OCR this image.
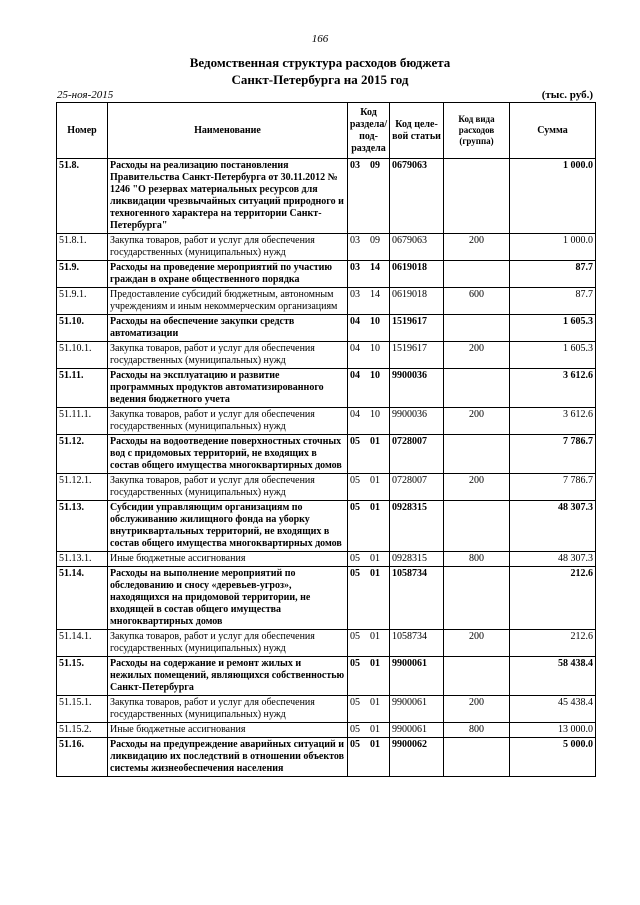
166
Ведомственная структура расходов бюджета
Санкт-Петербурга на 2015 год
25-ноя-2015	(тыс. руб.)
Номер	Наименование	Код раздела/ под- раздела	Код целе- вой статьи	Код вида расходов (группа)	Сумма
51.8.	Расходы на реализацию постановления Правительства Санкт-Петербурга от 30.11.2012 № 1246 "О резервах материальных ресурсов для ликвидации чрезвычайных ситуаций природного и техногенного характера на территории Санкт-Петербурга"	03 09	0679063		1 000.0
51.8.1.	Закупка товаров, работ и услуг для обеспечения государственных (муниципальных) нужд	03 09	0679063	200	1 000.0
51.9.	Расходы на проведение мероприятий по участию граждан в охране общественного порядка	03 14	0619018		87.7
51.9.1.	Предоставление субсидий бюджетным, автономным учреждениям и иным некоммерческим организациям	03 14	0619018	600	87.7
51.10.	Расходы на обеспечение закупки средств автоматизации	04 10	1519617		1 605.3
51.10.1.	Закупка товаров, работ и услуг для обеспечения государственных (муниципальных) нужд	04 10	1519617	200	1 605.3
51.11.	Расходы на эксплуатацию и развитие программных продуктов автоматизированного ведения бюджетного учета	04 10	9900036		3 612.6
51.11.1.	Закупка товаров, работ и услуг для обеспечения государственных (муниципальных) нужд	04 10	9900036	200	3 612.6
51.12.	Расходы на водоотведение поверхностных сточных вод с придомовых территорий, не входящих в состав общего имущества многоквартирных домов	05 01	0728007		7 786.7
51.12.1.	Закупка товаров, работ и услуг для обеспечения государственных (муниципальных) нужд	05 01	0728007	200	7 786.7
51.13.	Субсидии управляющим организациям по обслуживанию жилищного фонда на уборку внутриквартальных территорий, не входящих в состав общего имущества многоквартирных домов	05 01	0928315		48 307.3
51.13.1.	Иные бюджетные ассигнования	05 01	0928315	800	48 307.3
51.14.	Расходы на выполнение мероприятий по обследованию и сносу «деревьев-угроз», находящихся на придомовой территории, не входящей в состав общего имущества многоквартирных домов	05 01	1058734		212.6
51.14.1.	Закупка товаров, работ и услуг для обеспечения государственных (муниципальных) нужд	05 01	1058734	200	212.6
51.15.	Расходы на содержание и ремонт жилых и нежилых помещений, являющихся собственностью Санкт-Петербурга	05 01	9900061		58 438.4
51.15.1.	Закупка товаров, работ и услуг для обеспечения государственных (муниципальных) нужд	05 01	9900061	200	45 438.4
51.15.2.	Иные бюджетные ассигнования	05 01	9900061	800	13 000.0
51.16.	Расходы на предупреждение аварийных ситуаций и ликвидацию их последствий в отношении объектов системы жизнеобеспечения населения	05 01	9900062		5 000.0
